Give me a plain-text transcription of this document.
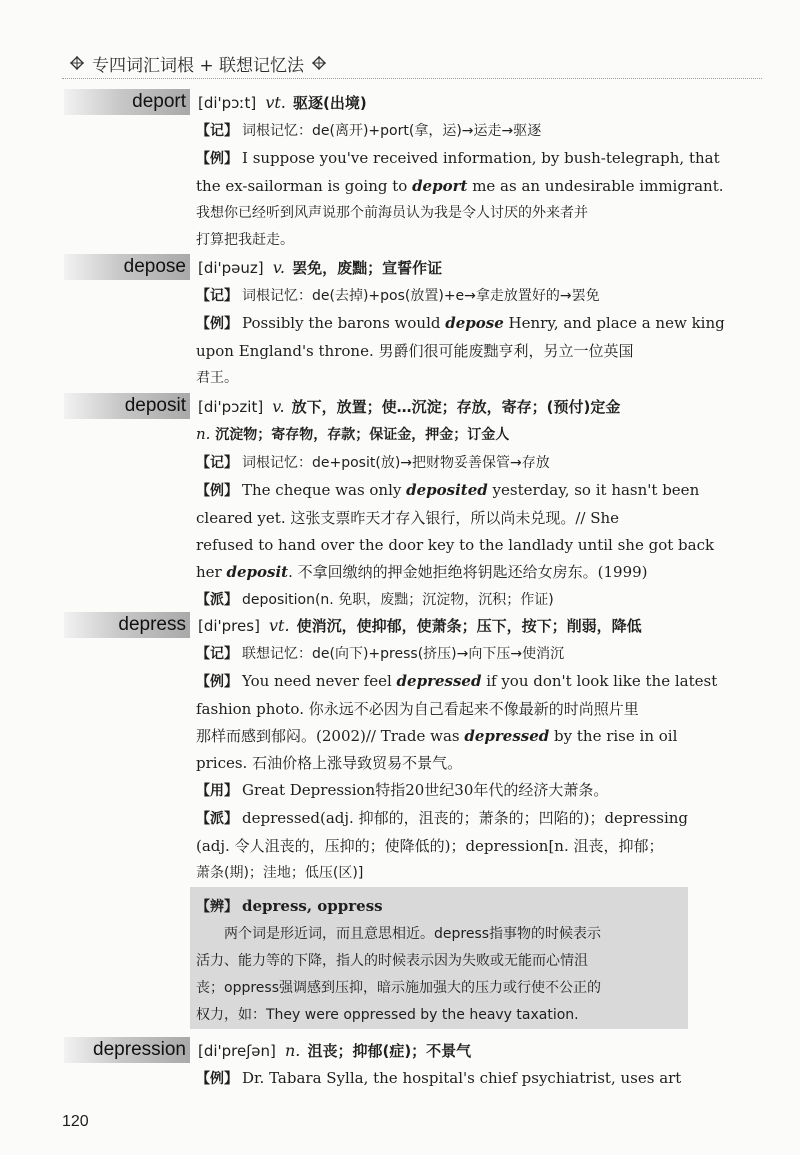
专四词汇词根 + 联想记忆法
deport [di'pɔːt] vt. 驱逐(出境)
【记】 词根记忆：de(离开)+port(拿，运)→运走→驱逐
【例】 I suppose you've received information, by bush-telegraph, that
the ex-sailorman is going to deport me as an undesirable immigrant.
我想你已经听到风声说那个前海员认为我是令人讨厌的外来者并
打算把我赶走。
depose [di'pəuz] v. 罢免，废黜；宣誓作证
【记】 词根记忆：de(去掉)+pos(放置)+e→拿走放置好的→罢免
【例】 Possibly the barons would depose Henry, and place a new king
upon England's throne. 男爵们很可能废黜亨利，另立一位英国
君王。
deposit [di'pɔzit] v. 放下，放置；使…沉淀；存放，寄存；(预付)定金
n. 沉淀物；寄存物，存款；保证金，押金；订金人
【记】 词根记忆：de+posit(放)→把财物妥善保管→存放
【例】 The cheque was only deposited yesterday, so it hasn't been
cleared yet. 这张支票昨天才存入银行，所以尚未兑现。// She
refused to hand over the door key to the landlady until she got back
her deposit. 不拿回缴纳的押金她拒绝将钥匙还给女房东。(1999)
【派】 deposition(n. 免职，废黜；沉淀物，沉积；作证)
depress [di'pres] vt. 使消沉，使抑郁，使萧条；压下，按下；削弱，降低
【记】 联想记忆：de(向下)+press(挤压)→向下压→使消沉
【例】 You need never feel depressed if you don't look like the latest
fashion photo. 你永远不必因为自己看起来不像最新的时尚照片里
那样而感到郁闷。(2002)// Trade was depressed by the rise in oil
prices. 石油价格上涨导致贸易不景气。
【用】 Great Depression特指20世纪30年代的经济大萧条。
【派】 depressed(adj. 抑郁的，沮丧的；萧条的；凹陷的)；depressing
(adj. 令人沮丧的，压抑的；使降低的)；depression[n. 沮丧，抑郁；
萧条(期)；洼地；低压(区)]
【辨】 depress, oppress
两个词是形近词，而且意思相近。depress指事物的时候表示
活力、能力等的下降，指人的时候表示因为失败或无能而心情沮
丧；oppress强调感到压抑，暗示施加强大的压力或行使不公正的
权力，如：They were oppressed by the heavy taxation.
depression [di'preʃən] n. 沮丧；抑郁(症)；不景气
【例】 Dr. Tabara Sylla, the hospital's chief psychiatrist, uses art
120
